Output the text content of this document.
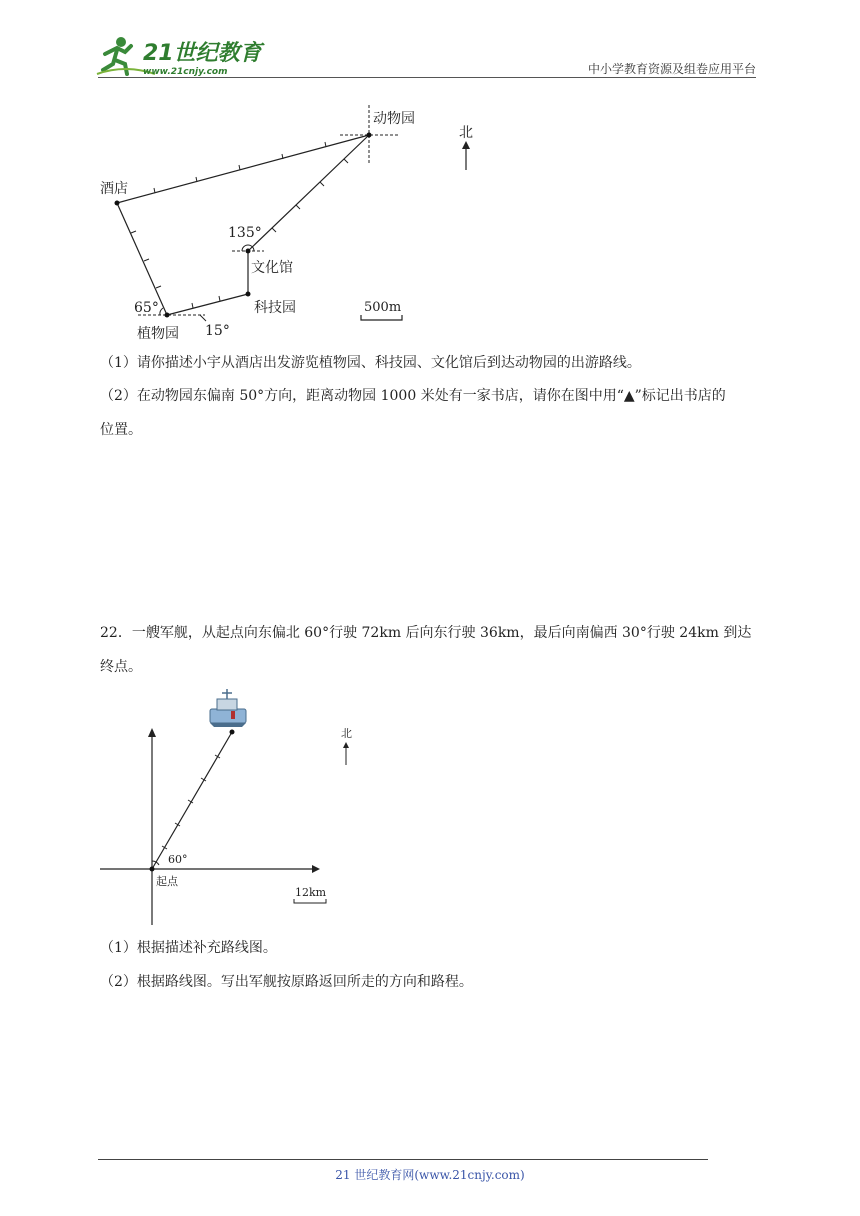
21世纪教育
www.21cnjy.com	中小学教育资源及组卷应用平台
动物园
酒店
文化馆
科技园
植物园
北
135°
65°
15°
500m
（1）请你描述小宇从酒店出发游览植物园、科技园、文化馆后到达动物园的出游路线。
（2）在动物园东偏南 50°方向，距离动物园 1000 米处有一家书店，请你在图中用“▲”标记出书店的
位置。
22．一艘军舰，从起点向东偏北 60°行驶 72km 后向东行驶 36km，最后向南偏西 30°行驶 24km 到达
终点。
北
60°
起点
12km
（1）根据描述补充路线图。
（2）根据路线图。写出军舰按原路返回所走的方向和路程。
21 世纪教育网(www.21cnjy.com)
